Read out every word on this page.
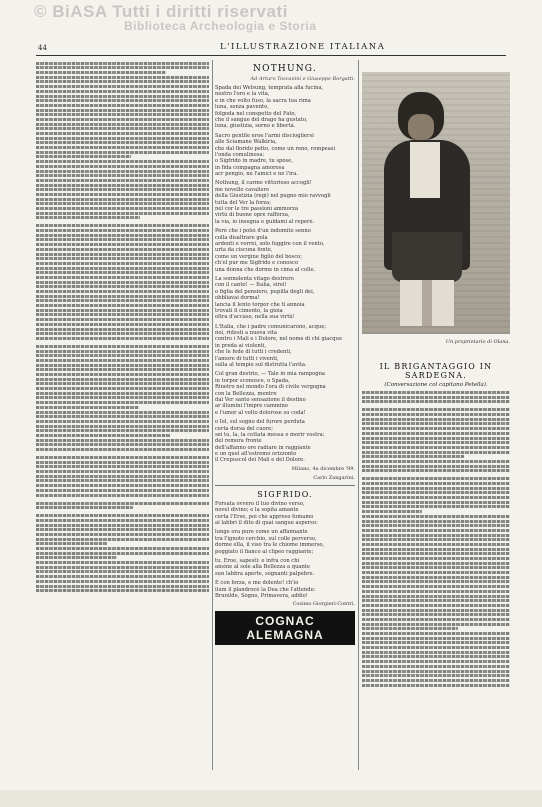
© BiASA Tutti i diritti riservati
Biblioteca Archeologia e Storia
44	L'ILLUSTRAZIONE ITALIANA
NOTHUNG.
Ad Arturo Toscanini e Giuseppe Borgatti.
Spada dei Welsung, temprata alla fucina,
nostro l'oro e la vita,
e in che volto fuso, la sacra tua rima
luna, senza pavento,
folgoda nel conspetto del Fato,
che il sangue del drago ha gustato,
luna, giustizia, sorno e libertà.
Sacro gentile eroe l'armi disciogliersi
alle Sciamane Walkiria,
che dal florido petto, come un reno, rompeasi
l'onda comulinosa:
o Sigfrido in madre, tu spose,
in fida compagna amorosa
acr pengio, né l'amici e né l'ira.
Nothung, il carme vittorioso accogli!
me novello cavaliere
della Giustizia (regi) nel pugno mio ravvogli
tutta del Ver la forza;
nel cor le tre passioni ammorza
virtù di buone opre raffòrza,
la via, io insegna e guidami al reperè.
Però che i poleì d'un indomito senno
colla disaltrare gola
ardenti e vorreì, solo fuggire con il vento,
urta da ciscuna fonte,
come un vergine figlio del bosco;
ch'el pur me Sigfrido e conosco
una donna che dorme in cima al colle.
La sonnolenta vitago destrero
con il canto! — Italia, sirei!
o figlia del pensiero, pupilla degli dei,
obbliavaì dorma!
lancia il lento torpor che ti annoia
trovati il cimento, la gioia
oltra d'accaso, nella sua virtù!
L'Italia, che i padre comunicarono, acque;
noi, ridesti a nuova vita
contro i Mali e i Dolore, nel nome di chi giacque
in preda ai violenti,
che le fede di tutti i credenti,
l'amore di tutti i viventi,
sulla al tempio sul distrutta l'avita.
Col gran destrio, — Tale in mia rampogna
in torpor sconosce, o Spada,
Rinetro nel mondo l'ora di civile vergogna
con la Bellezza, mentre
dal Ver santo sensazione il destino
ar illumini l'impre cammino
e l'umor al volto dolorose su coda!
o Iel, sul sogno del furore perduta
certa dorsa del cuore;
sei tu, la, la cettata messa e morir vostra;
del remora fronte
dell'affanno ore radiare in raggiante
e un quel all'estremo orizzonte
il Crepuscol dei Mali e del Dolore.
Milano, 4a dicembre '99.
Carlo Zangarini.
SIGFRIDO.
Forsata ovvero il tuo divino verso,
novel divino; e la sopita amante
certa l'Erse, poi che appreso fumamo
ai labbri il dito di quai sangue asperso:
lunge ora pure come un affannante
tra l'ignoto cerchio, sul colle perverso,
dorme ella, il vìso tra le chiome immerso,
poggiato il fianco al clipeo raggiante;
tu, Eroe, sapesti: e infra con chi
ansine al sole alla Bellezza a quante
sun labbra aperte, sognanti palpebre.
E con forza, e me dolente! ch'io
ilum il plandrocè la Dea che l'attende:
Brunilde, Sogno, Primavera, addio!
Cosimo Giorgieri-Contri.
COGNAC ALEMAGNA
Un proprietario di Olana.
IL BRIGANTAGGIO IN SARDEGNA.
(Conversazione col capitano Petella).
